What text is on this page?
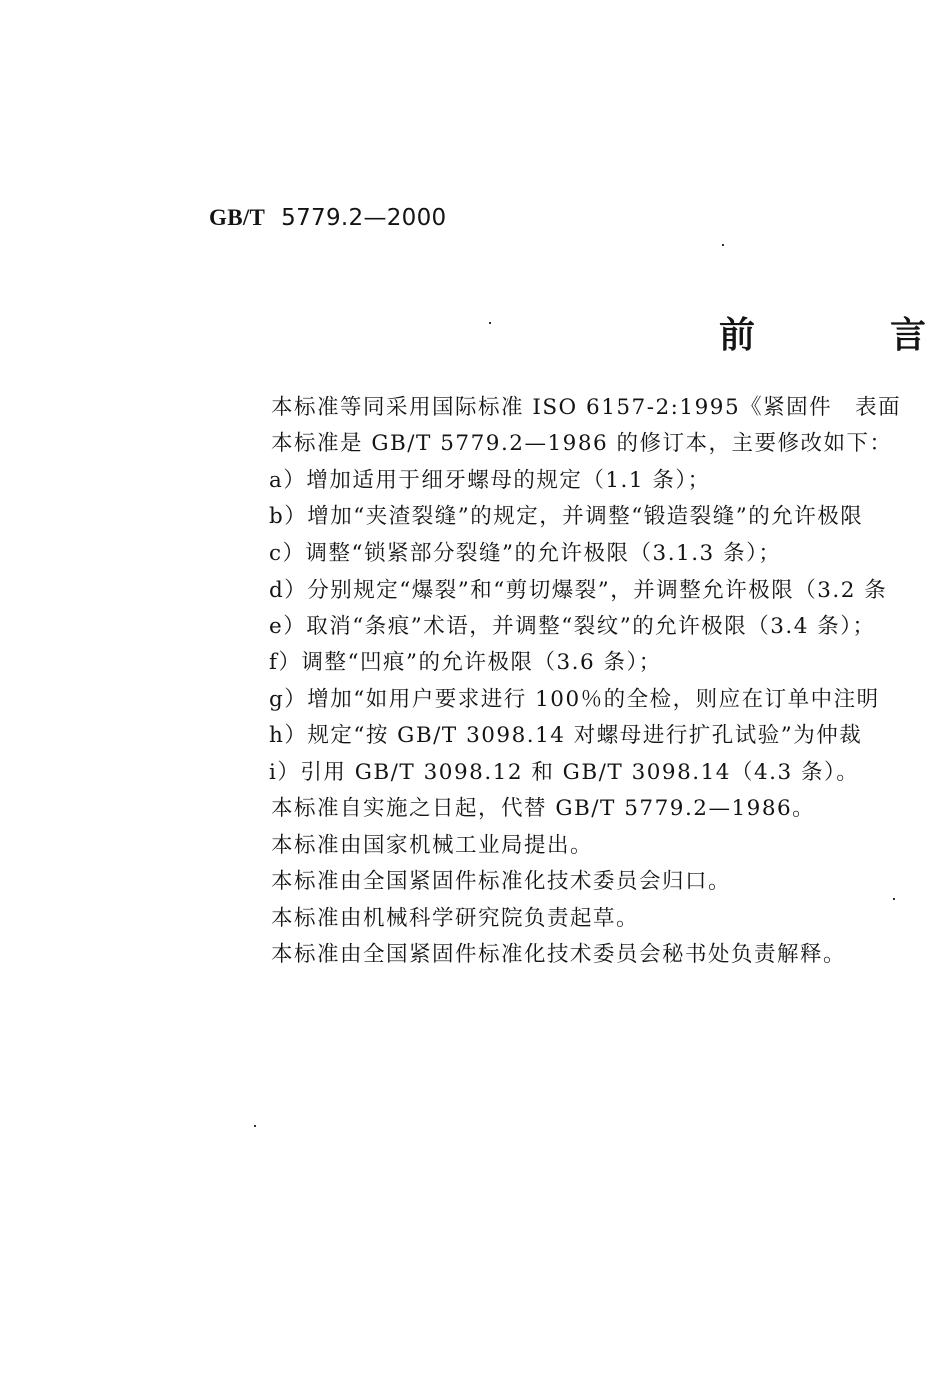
GB/T 5779.2—2000
前	言
本标准等同采用国际标准 ISO 6157-2:1995《紧固件　表面
本标准是 GB/T 5779.2—1986 的修订本，主要修改如下：
a）增加适用于细牙螺母的规定（1.1 条）；
b）增加“夹渣裂缝”的规定，并调整“锻造裂缝”的允许极限
c）调整“锁紧部分裂缝”的允许极限（3.1.3 条）；
d）分别规定“爆裂”和“剪切爆裂”，并调整允许极限（3.2 条
e）取消“条痕”术语，并调整“裂纹”的允许极限（3.4 条）；
f）调整“凹痕”的允许极限（3.6 条）；
g）增加“如用户要求进行 100％的全检，则应在订单中注明
h）规定“按 GB/T 3098.14 对螺母进行扩孔试验”为仲裁
i）引用 GB/T 3098.12 和 GB/T 3098.14（4.3 条）。
本标准自实施之日起，代替 GB/T 5779.2—1986。
本标准由国家机械工业局提出。
本标准由全国紧固件标准化技术委员会归口。
本标准由机械科学研究院负责起草。
本标准由全国紧固件标准化技术委员会秘书处负责解释。
